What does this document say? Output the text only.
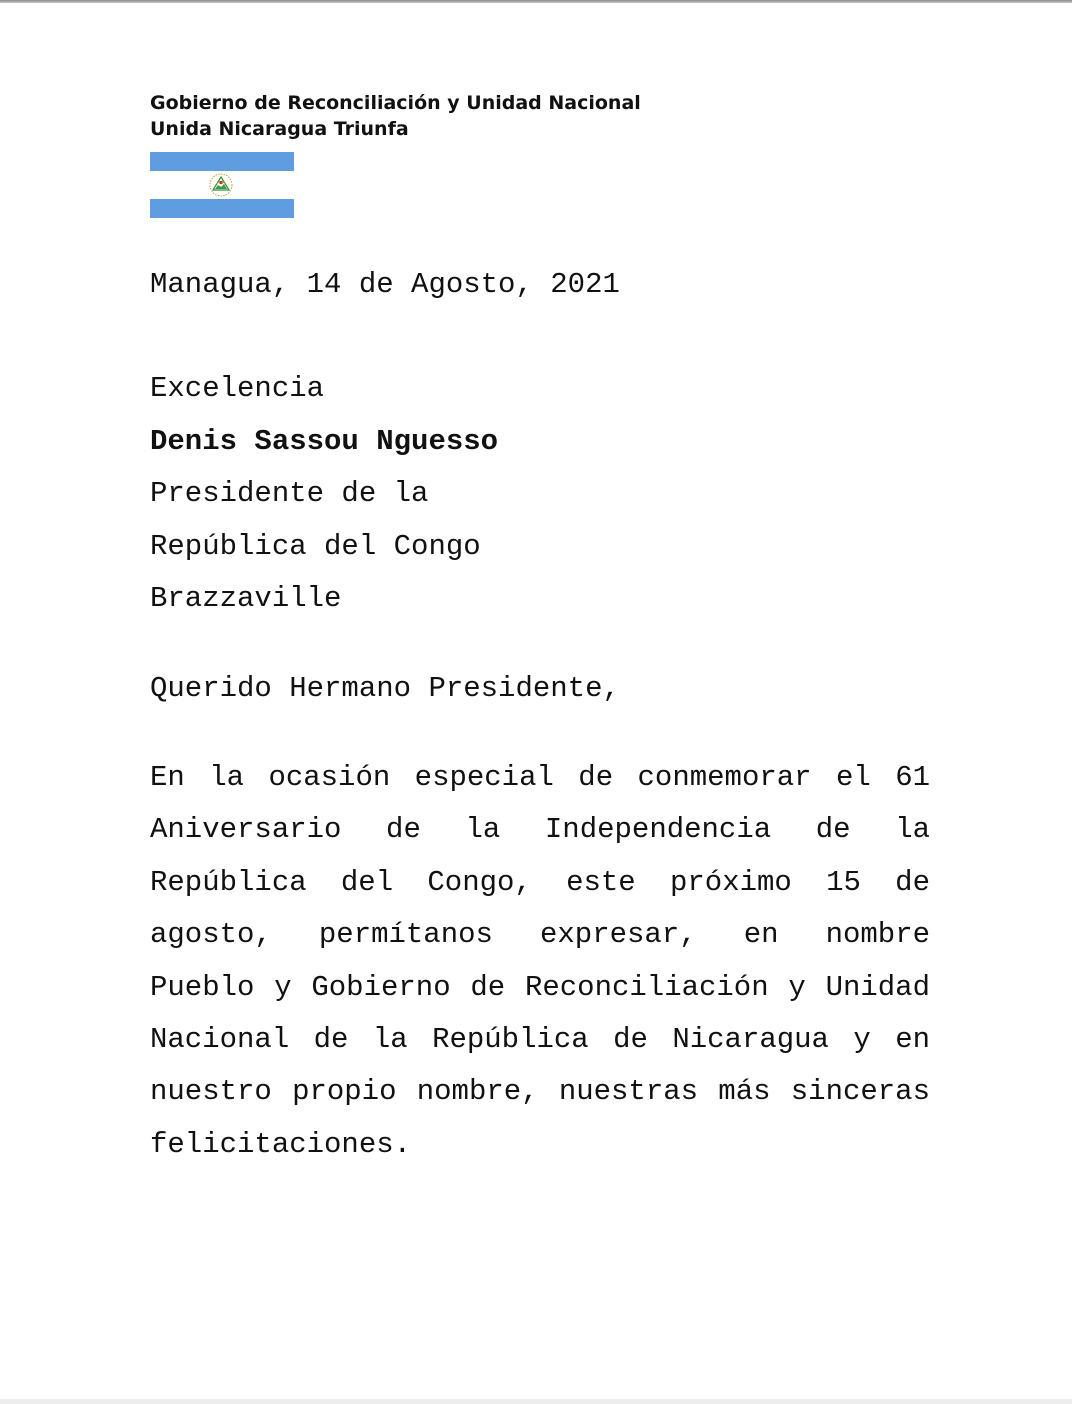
Gobierno de Reconciliación y Unidad Nacional
Unida Nicaragua Triunfa
Managua, 14 de Agosto, 2021
Excelencia
Denis Sassou Nguesso
Presidente de la
República del Congo
Brazzaville
Querido Hermano Presidente,
En la ocasión especial de conmemorar el 61 Aniversario de la Independencia de la República del Congo, este próximo 15 de agosto, permítanos expresar, en nombre Pueblo y Gobierno de Reconciliación y Unidad Nacional de la República de Nicaragua y en nuestro propio nombre, nuestras más sinceras felicitaciones.
